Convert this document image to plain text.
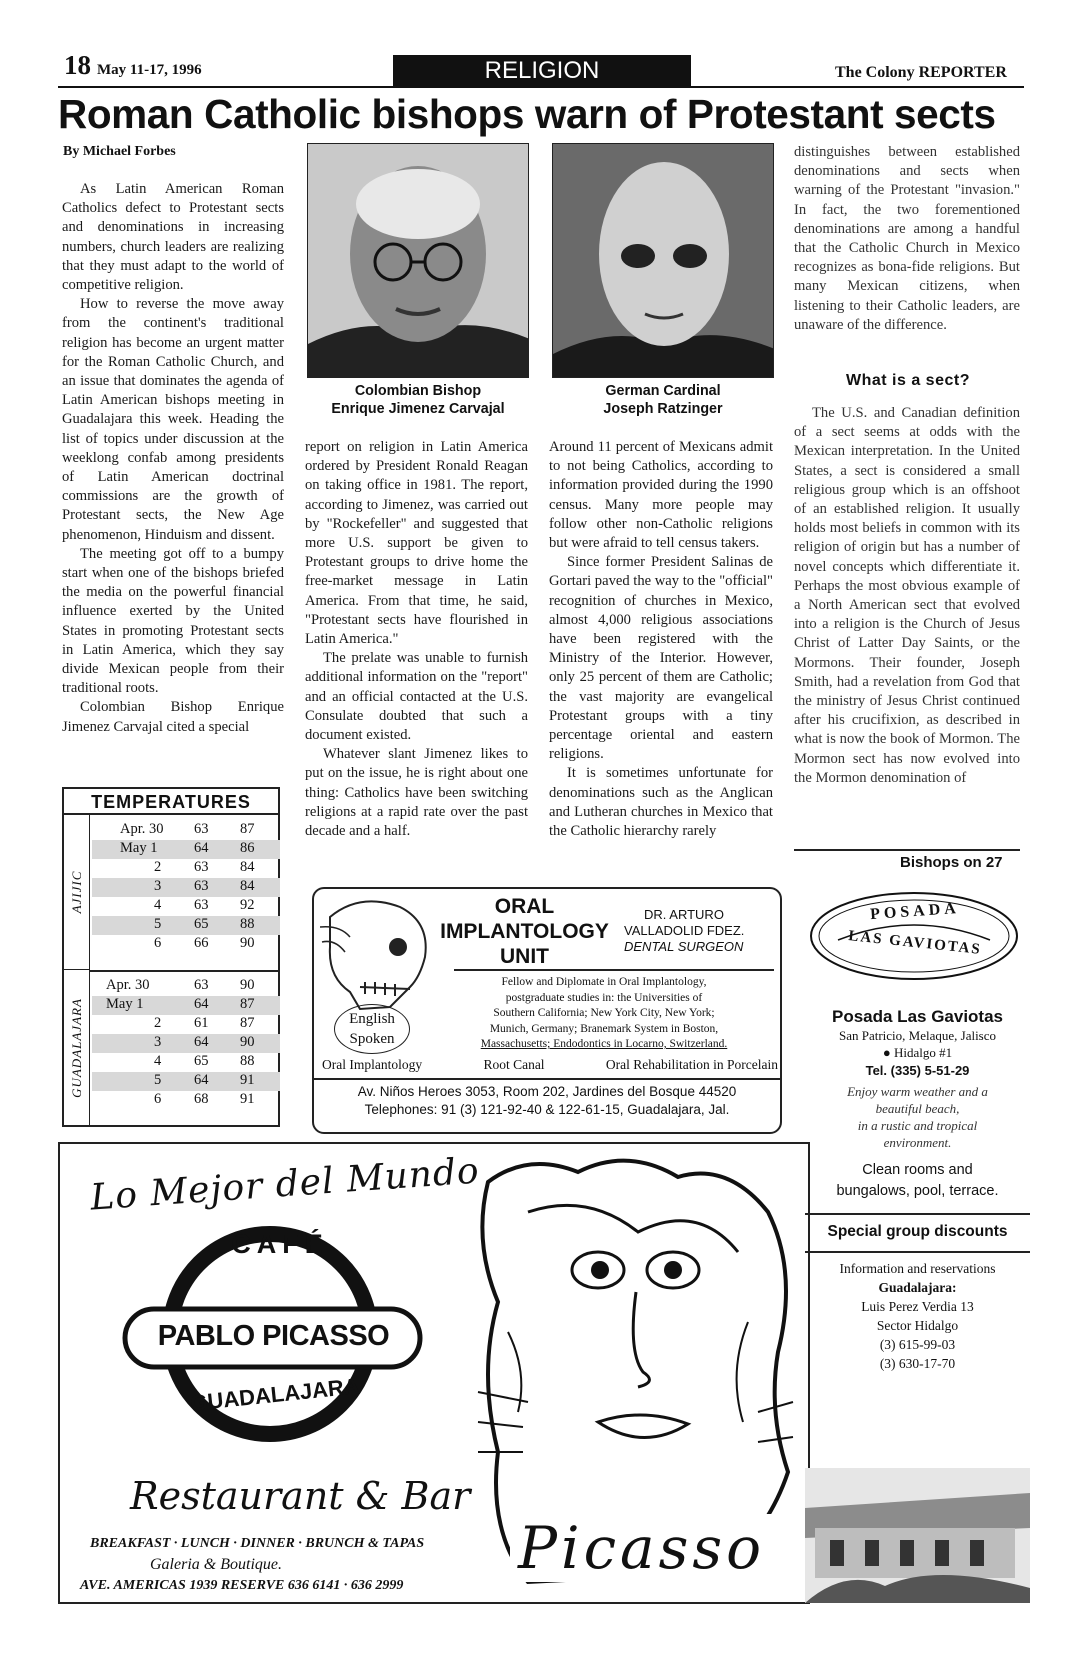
18 May 11-17, 1996	RELIGION	The Colony REPORTER
Roman Catholic bishops warn of Protestant sects
By Michael Forbes

As Latin American Roman Catholics defect to Protestant sects and denominations in increasing numbers, church leaders are realizing that they must adapt to the world of competitive religion.

How to reverse the move away from the continent's traditional religion has become an urgent matter for the Roman Catholic Church, and an issue that dominates the agenda of Latin American bishops meeting in Guadalajara this week. Heading the list of topics under discussion at the weeklong confab among presidents of Latin American doctrinal commissions are the growth of Protestant sects, the New Age phenomenon, Hinduism and dissent.

The meeting got off to a bumpy start when one of the bishops briefed the media on the powerful financial influence exerted by the United States in promoting Protestant sects in Latin America, which they say divide Mexican people from their traditional roots.

Colombian Bishop Enrique Jimenez Carvajal cited a special

Colombian Bishop
Enrique Jimenez Carvajal
German Cardinal
Joseph Ratzinger

report on religion in Latin America ordered by President Ronald Reagan on taking office in 1981. The report, according to Jimenez, was carried out by "Rockefeller" and suggested that more U.S. support be given to Protestant groups to drive home the free-market message in Latin America. From that time, he said, "Protestant sects have flourished in Latin America."

The prelate was unable to furnish additional information on the "report" and an official contacted at the U.S. Consulate doubted that such a document existed.

Whatever slant Jimenez likes to put on the issue, he is right about one thing: Catholics have been switching religions at a rapid rate over the past decade and a half.

Around 11 percent of Mexicans admit to not being Catholics, according to information provided during the 1990 census. Many more people may follow other non-Catholic religions but were afraid to tell census takers.

Since former President Salinas de Gortari paved the way to the "official" recognition of churches in Mexico, almost 4,000 religious associations have been registered with the Ministry of the Interior. However, only 25 percent of them are Catholic; the vast majority are evangelical Protestant groups with a tiny percentage oriental and eastern religions.

It is sometimes unfortunate for denominations such as the Anglican and Lutheran churches in Mexico that the Catholic hierarchy rarely

distinguishes between established denominations and sects when warning of the Protestant "invasion." In fact, the two forementioned denominations are among a handful that the Catholic Church in Mexico recognizes as bona-fide religions. But many Mexican citizens, when listening to their Catholic leaders, are unaware of the difference.

What is a sect?

The U.S. and Canadian definition of a sect seems at odds with the Mexican interpretation. In the United States, a sect is considered a small religious group which is an offshoot of an established religion. It usually holds most beliefs in common with its religion of origin but has a number of novel concepts which differentiate it. Perhaps the most obvious example of a North American sect that evolved into a religion is the Church of Jesus Christ of Latter Day Saints, or the Mormons. Their founder, Joseph Smith, had a revelation from God that the ministry of Jesus Christ continued after his crucifixion, as described in what is now the book of Mormon. The Mormon sect has now evolved into the Mormon denomination of

Bishops on 27
TEMPERATURES
AJIJIC
GUADALAJARA
Apr. 30 63 87
May 1	64 86
2 63 84
3 63 84
4 63 92
5 65 88
6 66 90
Apr. 30	63 90
May 1	64 87
2 61 87
3 64 90
4 65 88
5 64 91
6 68 91
ORAL
IMPLANTOLOGY
UNIT
DR. ARTURO
VALLADOLID FDEZ.
DENTAL SURGEON
Fellow and Diplomate in Oral Implantology,
postgraduate studies in: the Universities of
Southern California; New York City, New York;
Munich, Germany; Branemark System in Boston,
Massachusetts; Endodontics in Locarno, Switzerland.
English
Spoken
Oral Implantology	Root Canal	Oral Rehabilitation in Porcelain
Av. Niños Heroes 3053, Room 202, Jardines del Bosque 44520
Telephones: 91 (3) 121-92-40 & 122-61-15, Guadalajara, Jal.
Lo Mejor del Mundo
CAFÉ
PABLO PICASSO
GUADALAJARA
Restaurant & Bar
BREAKFAST · LUNCH · DINNER · BRUNCH & TAPAS
Galeria & Boutique.
AVE. AMERICAS 1939 RESERVE 636 6141 · 636 2999
Picasso
POSADA
LAS GAVIOTAS
Posada Las Gaviotas
San Patricio, Melaque, Jalisco
● Hidalgo #1
Tel. (335) 5-51-29
Enjoy warm weather and a
beautiful beach,
in a rustic and tropical
environment.
Clean rooms and
bungalows, pool, terrace.
Special group discounts
Information and reservations
Guadalajara:
Luis Perez Verdia 13
Sector Hidalgo
(3) 615-99-03
(3) 630-17-70
